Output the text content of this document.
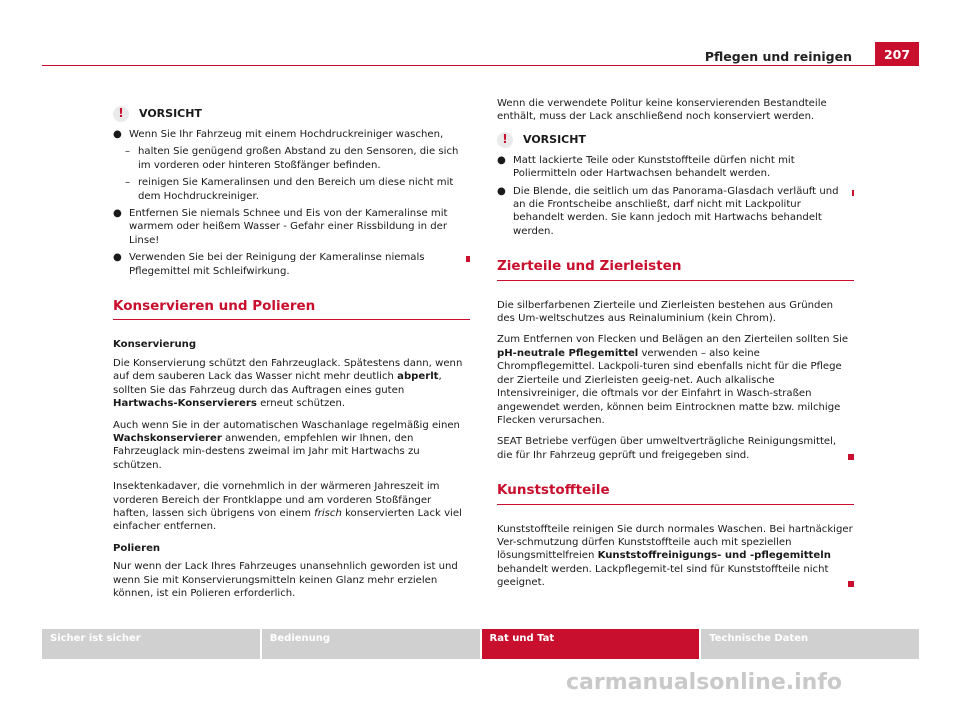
Pflegen und reinigen	207
!	VORSICHT
● Wenn Sie Ihr Fahrzeug mit einem Hochdruckreiniger waschen,
– halten Sie genügend großen Abstand zu den Sensoren, die sich im vorderen oder hinteren Stoßfänger befinden.
– reinigen Sie Kameralinsen und den Bereich um diese nicht mit dem Hochdruckreiniger.
● Entfernen Sie niemals Schnee und Eis von der Kameralinse mit warmem oder heißem Wasser - Gefahr einer Rissbildung in der Linse!
● Verwenden Sie bei der Reinigung der Kameralinse niemals Pflegemittel mit Schleifwirkung.
Konservieren und Polieren
Konservierung

Die Konservierung schützt den Fahrzeuglack. Spätestens dann, wenn auf dem sauberen Lack das Wasser nicht mehr deutlich abperlt, sollten Sie das Fahrzeug durch das Auftragen eines guten Hartwachs-Konservierers erneut schützen.

Auch wenn Sie in der automatischen Waschanlage regelmäßig einen Wachskonservierer anwenden, empfehlen wir Ihnen, den Fahrzeuglack min-destens zweimal im Jahr mit Hartwachs zu schützen.

Insektenkadaver, die vornehmlich in der wärmeren Jahreszeit im vorderen Bereich der Frontklappe und am vorderen Stoßfänger haften, lassen sich übrigens von einem frisch konservierten Lack viel einfacher entfernen.

Polieren

Nur wenn der Lack Ihres Fahrzeuges unansehnlich geworden ist und wenn Sie mit Konservierungsmitteln keinen Glanz mehr erzielen können, ist ein Polieren erforderlich.

Wenn die verwendete Politur keine konservierenden Bestandteile enthält, muss der Lack anschließend noch konserviert werden.

!	VORSICHT
● Matt lackierte Teile oder Kunststoffteile dürfen nicht mit Poliermitteln oder Hartwachsen behandelt werden.
● Die Blende, die seitlich um das Panorama-Glasdach verläuft und an die Frontscheibe anschließt, darf nicht mit Lackpolitur behandelt werden. Sie kann jedoch mit Hartwachs behandelt werden.
Zierteile und Zierleisten

Die silberfarbenen Zierteile und Zierleisten bestehen aus Gründen des Um-weltschutzes aus Reinaluminium (kein Chrom).

Zum Entfernen von Flecken und Belägen an den Zierteilen sollten Sie pH-neutrale Pflegemittel verwenden – also keine Chrompflegemittel. Lackpoli-turen sind ebenfalls nicht für die Pflege der Zierteile und Zierleisten geeig-net. Auch alkalische Intensivreiniger, die oftmals vor der Einfahrt in Wasch-straßen angewendet werden, können beim Eintrocknen matte bzw. milchige Flecken verursachen.

SEAT Betriebe verfügen über umweltverträgliche Reinigungsmittel, die für Ihr Fahrzeug geprüft und freigegeben sind.

Kunststoffteile

Kunststoffteile reinigen Sie durch normales Waschen. Bei hartnäckiger Ver-schmutzung dürfen Kunststoffteile auch mit speziellen lösungsmittelfreien Kunststoffreinigungs- und -pflegemitteln behandelt werden. Lackpflegemit-tel sind für Kunststoffteile nicht geeignet.

Sicher ist sicher	Bedienung	Rat und Tat	Technische Daten
carmanualsonline.info
